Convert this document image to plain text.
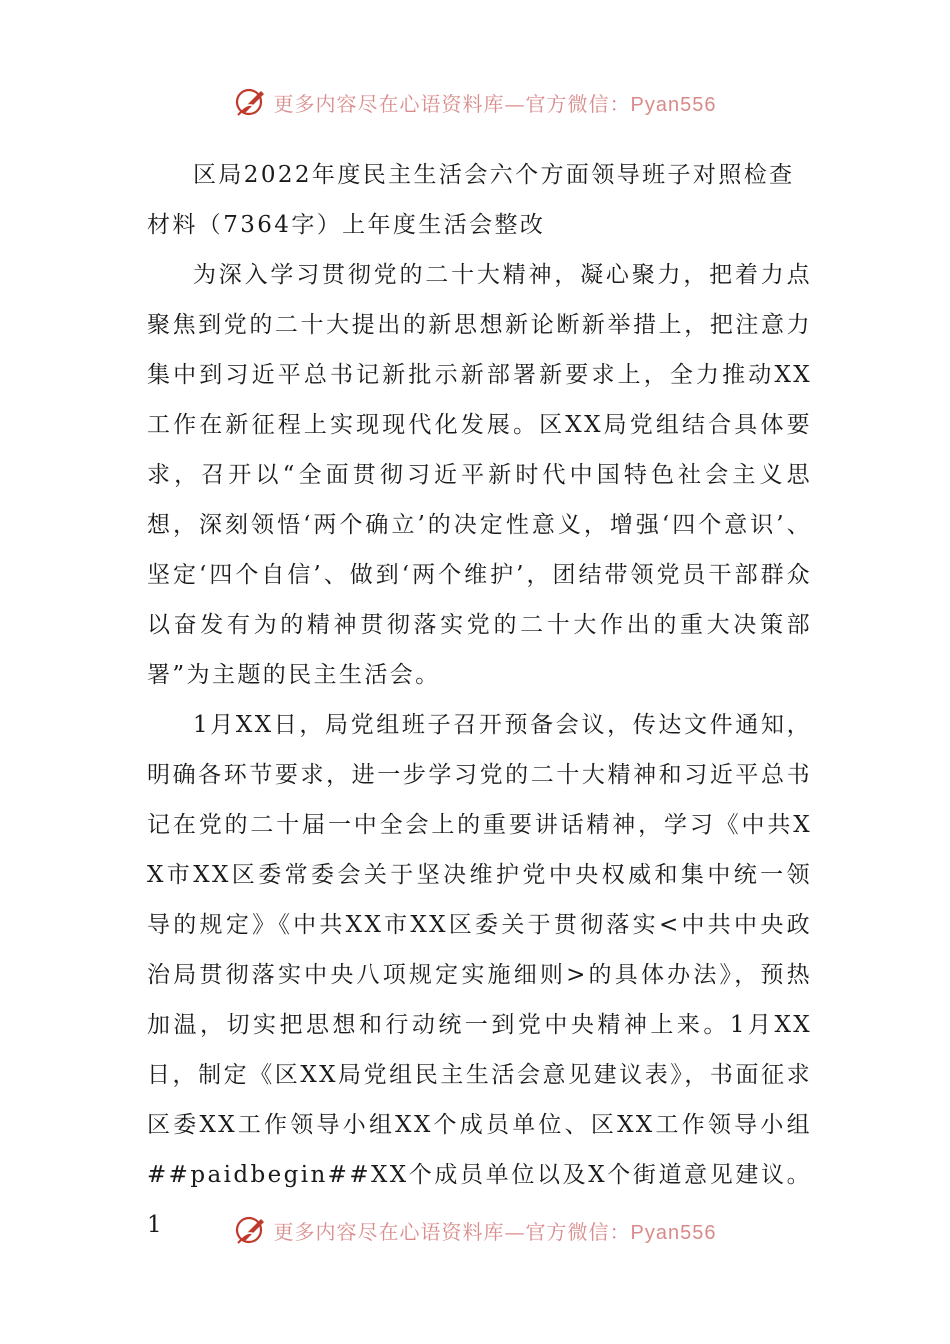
更多内容尽在心语资料库—官方微信：Pyan556
区局2022年度民主生活会六个方面领导班子对照检查材料（7364字）上年度生活会整改

为深入学习贯彻党的二十大精神，凝心聚力，把着力点聚焦到党的二十大提出的新思想新论断新举措上，把注意力集中到习近平总书记新批示新部署新要求上，全力推动XX工作在新征程上实现现代化发展。区XX局党组结合具体要求，召开以“全面贯彻习近平新时代中国特色社会主义思想，深刻领悟‘两个确立’的决定性意义，增强‘四个意识’、坚定‘四个自信’、做到‘两个维护’，团结带领党员干部群众以奋发有为的精神贯彻落实党的二十大作出的重大决策部署”为主题的民主生活会。

1月XX日，局党组班子召开预备会议，传达文件通知，明确各环节要求，进一步学习党的二十大精神和习近平总书记在党的二十届一中全会上的重要讲话精神，学习《中共XX市XX区委常委会关于坚决维护党中央权威和集中统一领导的规定》《中共XX市XX区委关于贯彻落实<中共中央政治局贯彻落实中央八项规定实施细则>的具体办法》，预热加温，切实把思想和行动统一到党中央精神上来。1月XX日，制定《区XX局党组民主生活会意见建议表》，书面征求区委XX工作领导小组XX个成员单位、区XX工作领导小组##paidbegin##XX个成员单位以及X个街道意见建议。1	更多内容尽在心语资料库—官方微信：Pyan556
